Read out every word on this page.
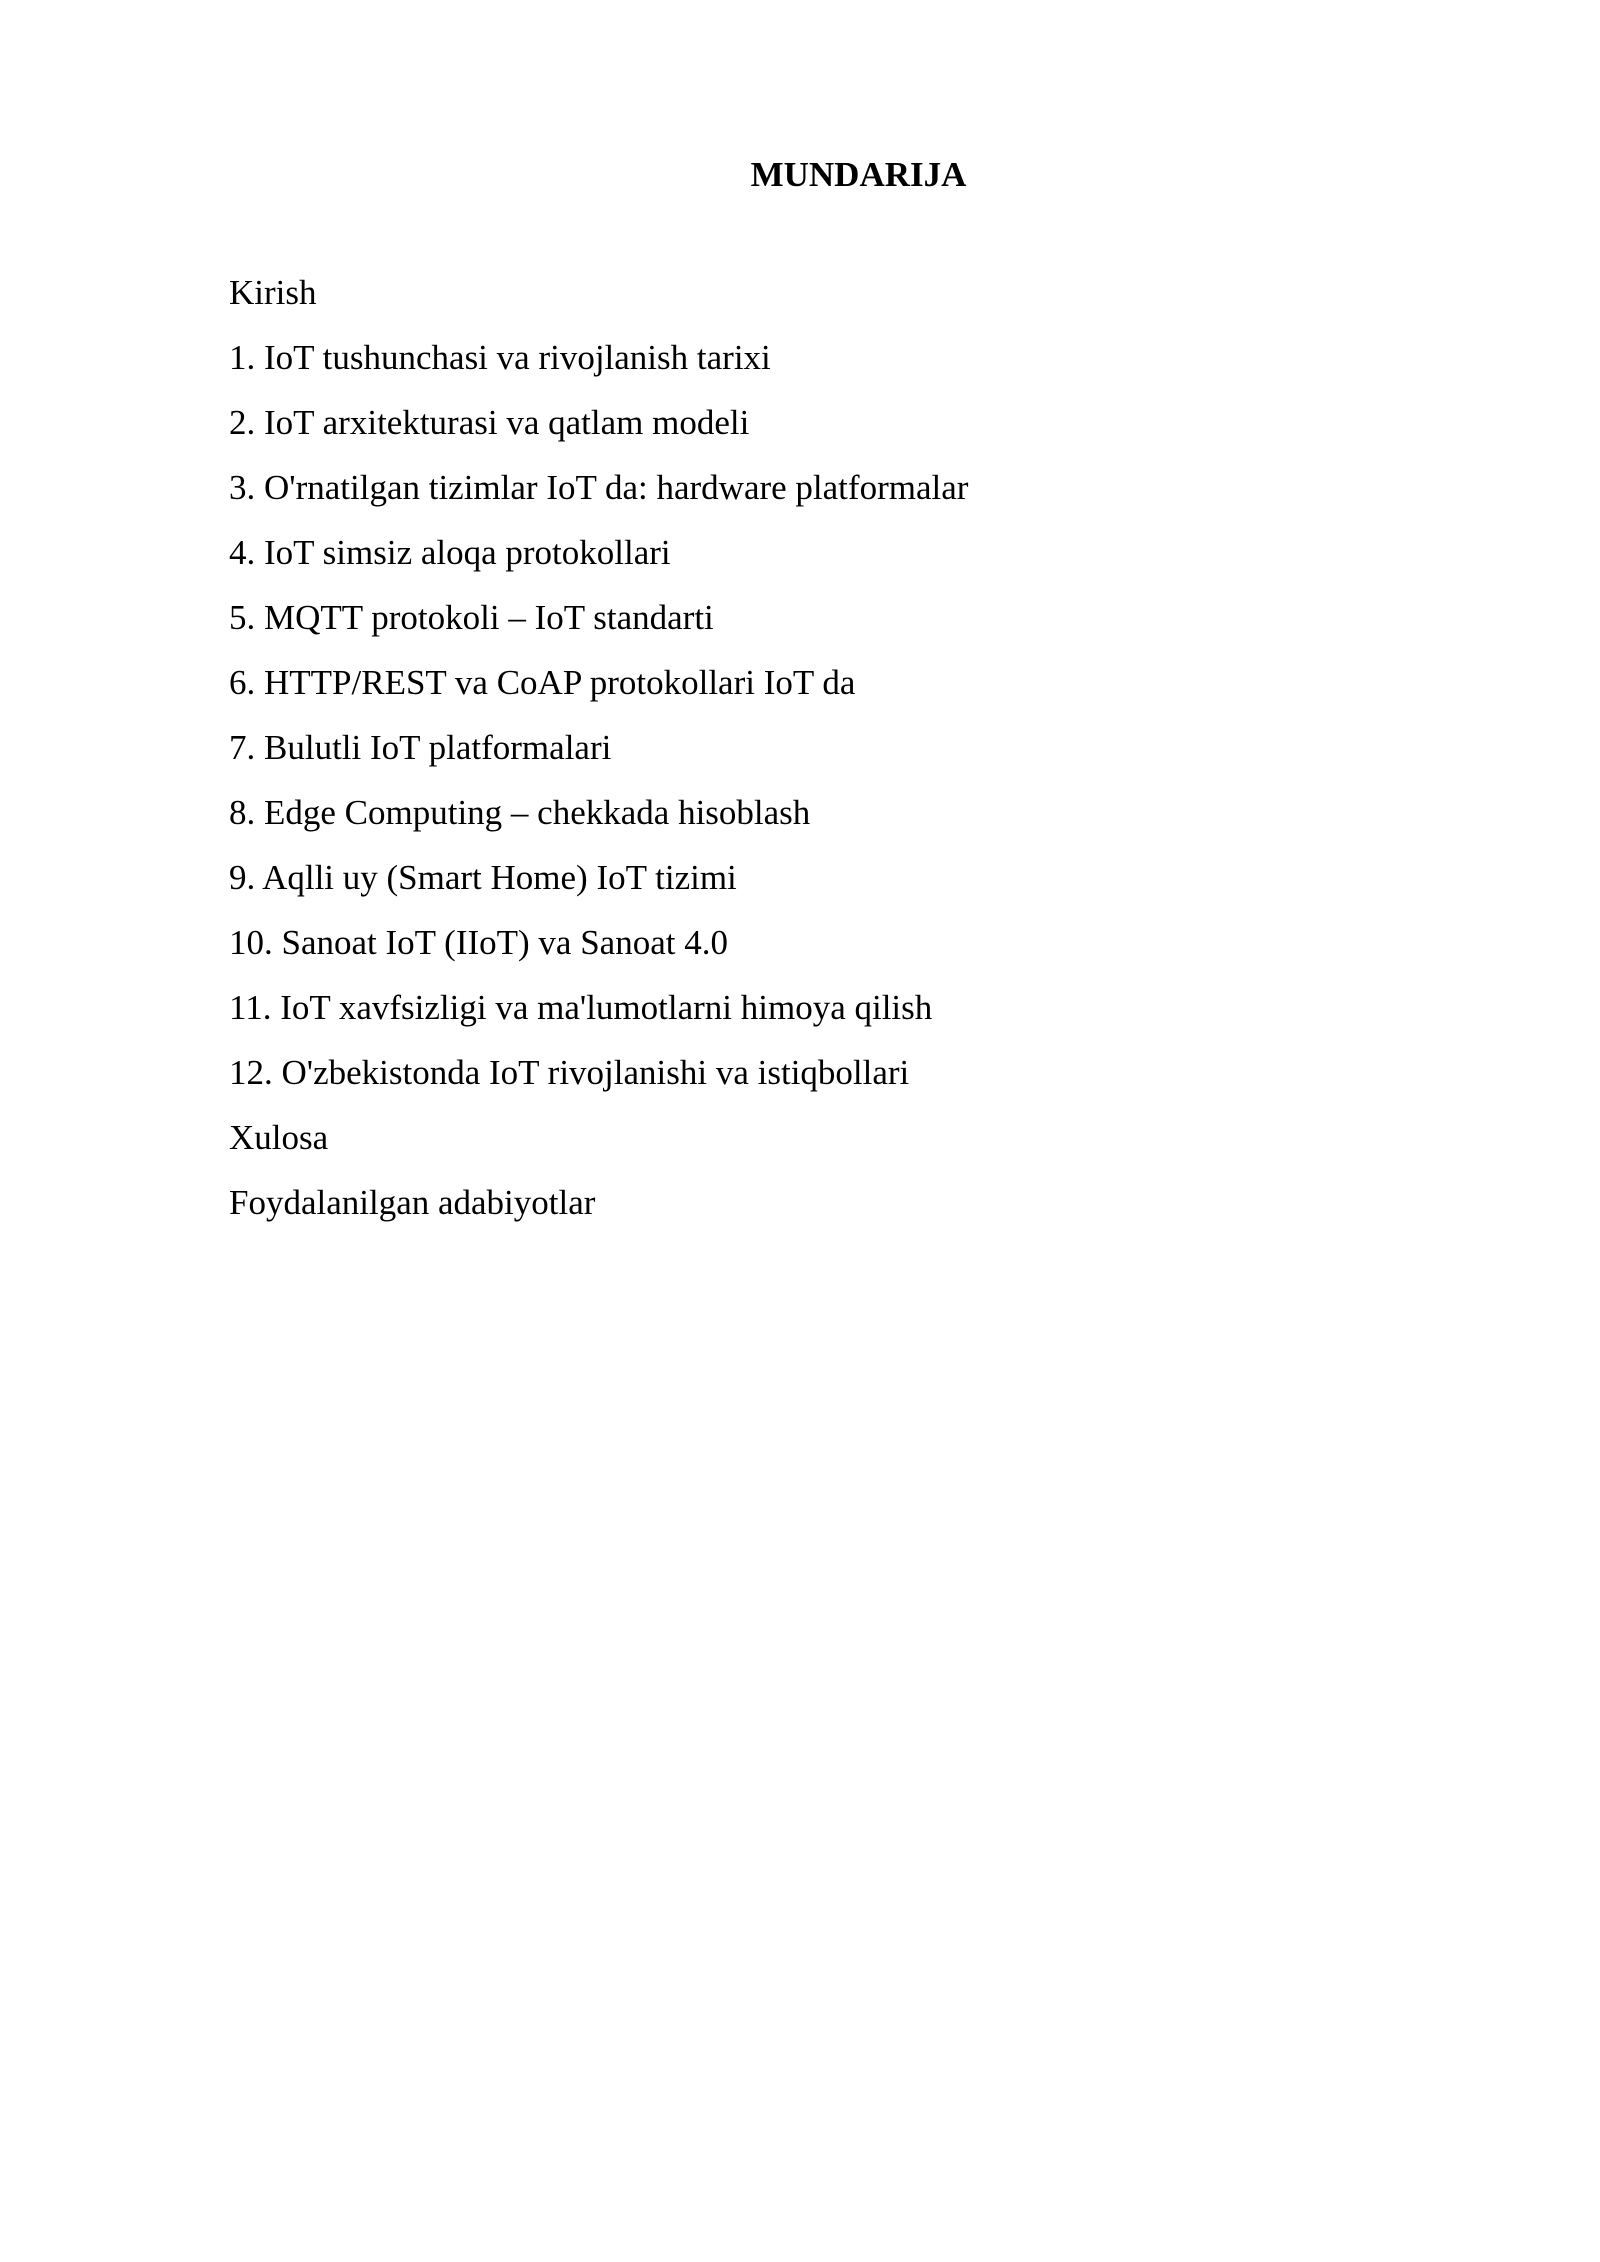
MUNDARIJA
Kirish
1. IoT tushunchasi va rivojlanish tarixi
2. IoT arxitekturasi va qatlam modeli
3. O'rnatilgan tizimlar IoT da: hardware platformalar
4. IoT simsiz aloqa protokollari
5. MQTT protokoli – IoT standarti
6. HTTP/REST va CoAP protokollari IoT da
7. Bulutli IoT platformalari
8. Edge Computing – chekkada hisoblash
9. Aqlli uy (Smart Home) IoT tizimi
10. Sanoat IoT (IIoT) va Sanoat 4.0
11. IoT xavfsizligi va ma'lumotlarni himoya qilish
12. O'zbekistonda IoT rivojlanishi va istiqbollari
Xulosa
Foydalanilgan adabiyotlar
